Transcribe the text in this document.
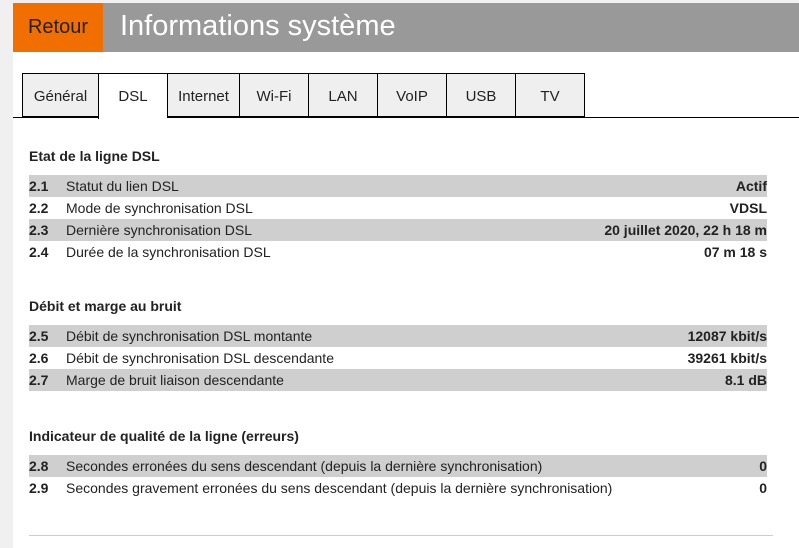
Retour	Informations système
Général	DSL	Internet	Wi-Fi	LAN	VoIP	USB	TV
Etat de la ligne DSL
2.1	Statut du lien DSL	Actif
2.2	Mode de synchronisation DSL	VDSL
2.3	Dernière synchronisation DSL	20 juillet 2020, 22 h 18 m
2.4	Durée de la synchronisation DSL	07 m 18 s
Débit et marge au bruit
2.5	Débit de synchronisation DSL montante	12087 kbit/s
2.6	Débit de synchronisation DSL descendante	39261 kbit/s
2.7	Marge de bruit liaison descendante	8.1 dB
Indicateur de qualité de la ligne (erreurs)
2.8	Secondes erronées du sens descendant (depuis la dernière synchronisation)	0
2.9	Secondes gravement erronées du sens descendant (depuis la dernière synchronisation)	0
